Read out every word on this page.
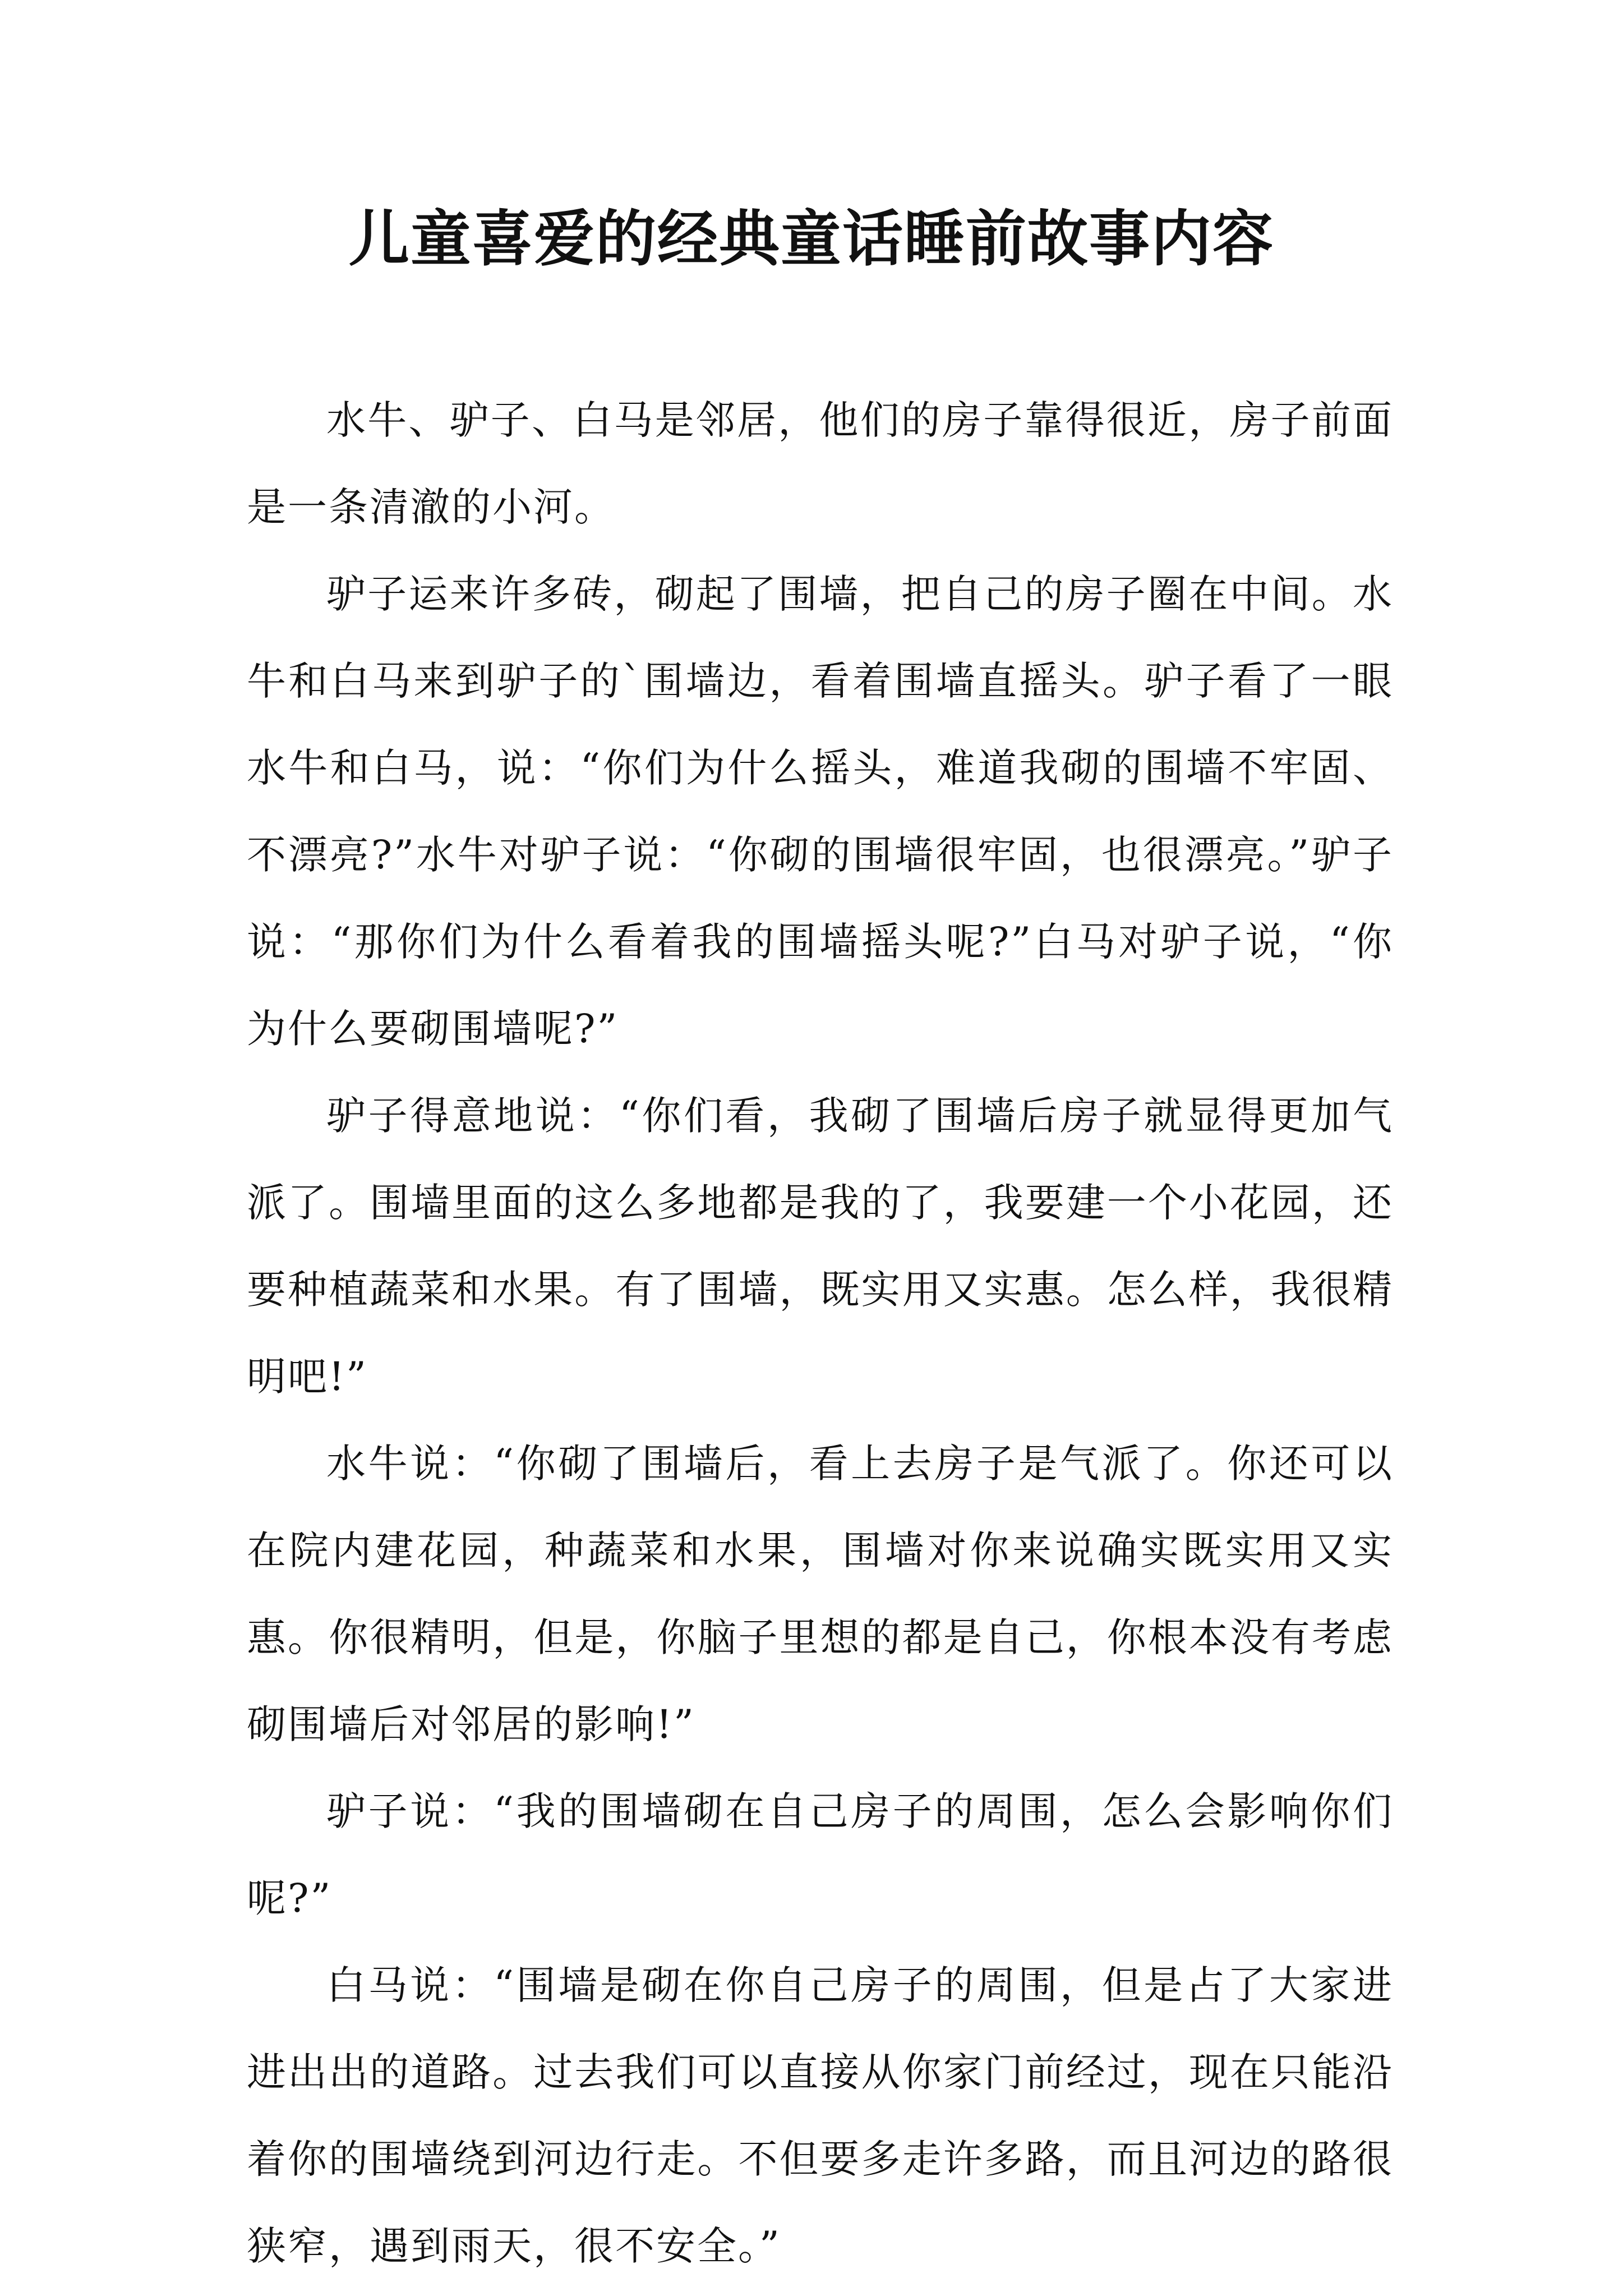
儿童喜爱的经典童话睡前故事内容

水牛、驴子、白马是邻居，他们的房子靠得很近，房子前面是一条清澈的小河。

驴子运来许多砖，砌起了围墙，把自己的房子圈在中间。水牛和白马来到驴子的`围墙边，看着围墙直摇头。驴子看了一眼水牛和白马，说：“你们为什么摇头，难道我砌的围墙不牢固、不漂亮?”水牛对驴子说：“你砌的围墙很牢固，也很漂亮。”驴子说：“那你们为什么看着我的围墙摇头呢?”白马对驴子说，“你为什么要砌围墙呢?”

驴子得意地说：“你们看，我砌了围墙后房子就显得更加气派了。围墙里面的这么多地都是我的了，我要建一个小花园，还要种植蔬菜和水果。有了围墙，既实用又实惠。怎么样，我很精明吧!”

水牛说：“你砌了围墙后，看上去房子是气派了。你还可以在院内建花园，种蔬菜和水果，围墙对你来说确实既实用又实惠。你很精明，但是，你脑子里想的都是自己，你根本没有考虑砌围墙后对邻居的影响!”

驴子说：“我的围墙砌在自己房子的周围，怎么会影响你们呢?”

白马说：“围墙是砌在你自己房子的周围，但是占了大家进进出出的道路。过去我们可以直接从你家门前经过，现在只能沿着你的围墙绕到河边行走。不但要多走许多路，而且河边的路很狭窄，遇到雨天，很不安全。”
